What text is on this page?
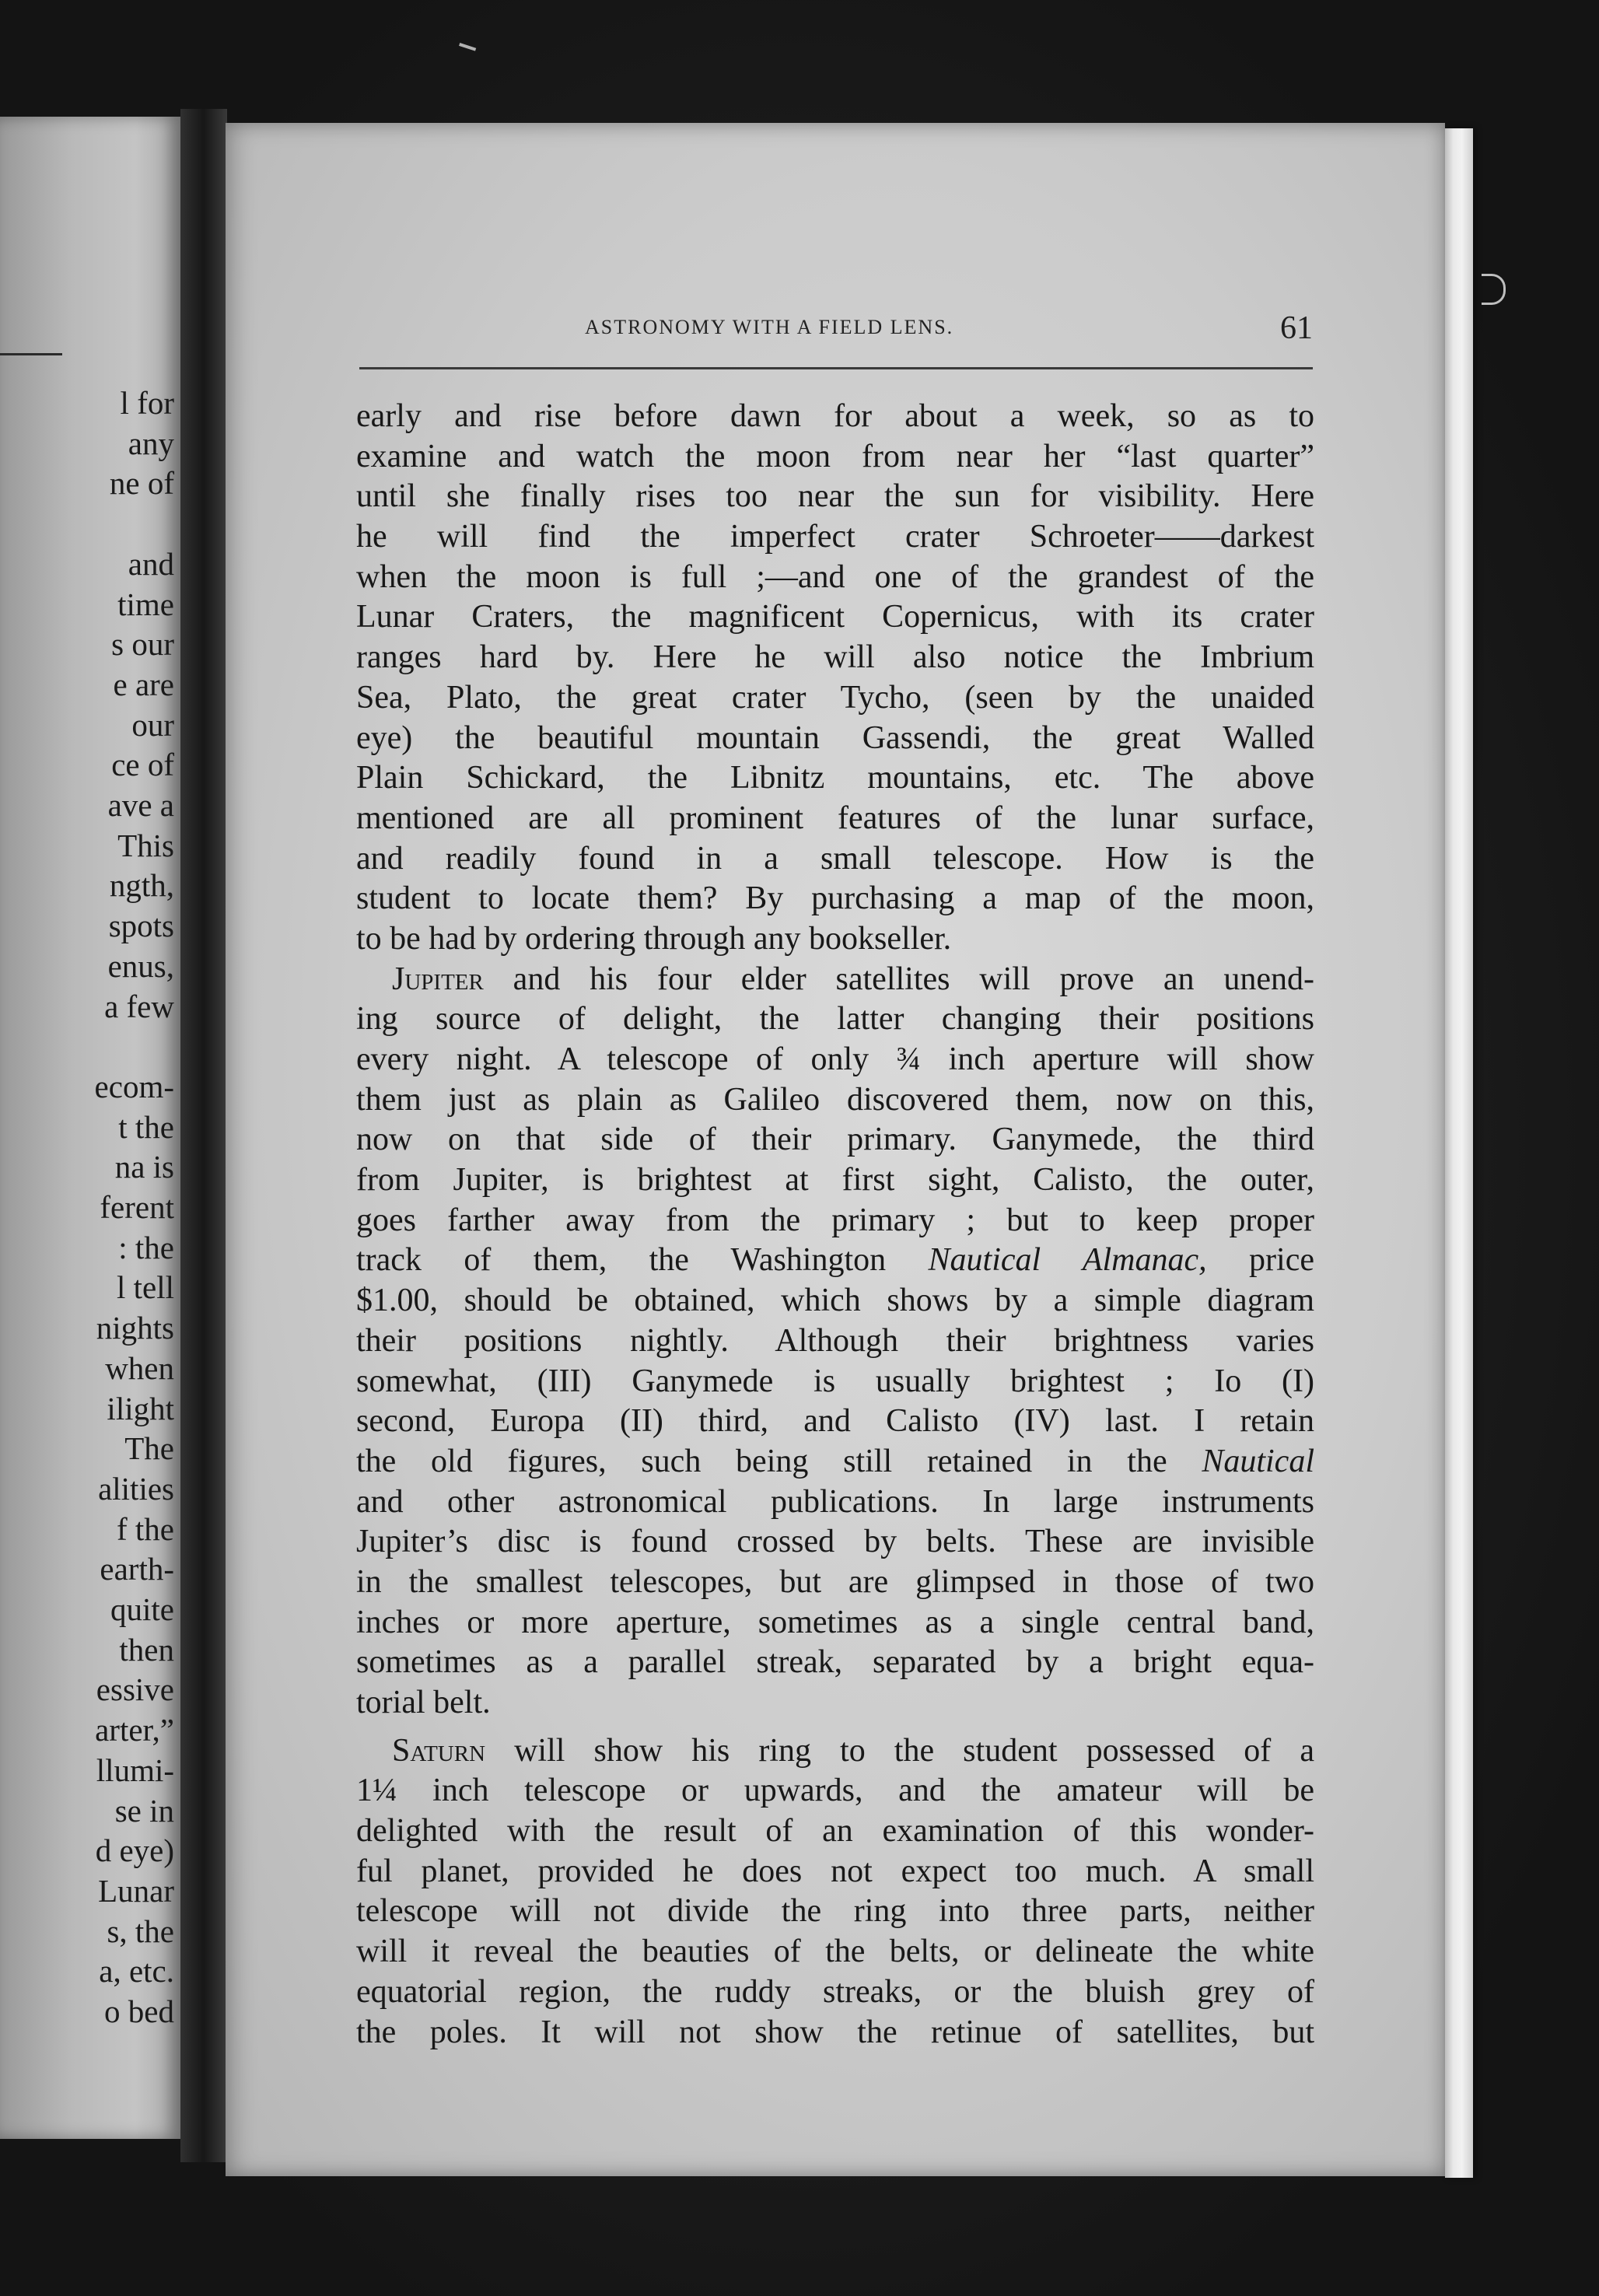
l for
any
ne of
and
time
s our
e are
our
ce of
ave a
This
ngth,
spots
enus,
a few
ecom-
t the
na is
ferent
: the
l tell
nights
when
ilight
The
alities
f the
earth-
quite
then
essive
arter,”
llumi-
se in
d eye)
Lunar
s, the
a, etc.
o bed
ASTRONOMY WITH A FIELD LENS.	61
early and rise before dawn for about a week, so as to
examine and watch the moon from near her “last quarter”
until she finally rises too near the sun for visibility. Here
he will find the imperfect crater Schroeter——darkest
when the moon is full ;—and one of the grandest of the
Lunar Craters, the magnificent Copernicus, with its crater
ranges hard by. Here he will also notice the Imbrium
Sea, Plato, the great crater Tycho, (seen by the unaided
eye) the beautiful mountain Gassendi, the great Walled
Plain Schickard, the Libnitz mountains, etc. The above
mentioned are all prominent features of the lunar surface,
and readily found in a small telescope. How is the
student to locate them? By purchasing a map of the moon,
to be had by ordering through any bookseller.
Jupiter and his four elder satellites will prove an unend-
ing source of delight, the latter changing their positions
every night. A telescope of only ¾ inch aperture will show
them just as plain as Galileo discovered them, now on this,
now on that side of their primary. Ganymede, the third
from Jupiter, is brightest at first sight, Calisto, the outer,
goes farther away from the primary ; but to keep proper
track of them, the Washington Nautical Almanac, price
$1.00, should be obtained, which shows by a simple diagram
their positions nightly. Although their brightness varies
somewhat, (III) Ganymede is usually brightest ; Io (I)
second, Europa (II) third, and Calisto (IV) last. I retain
the old figures, such being still retained in the Nautical
and other astronomical publications. In large instruments
Jupiter’s disc is found crossed by belts. These are invisible
in the smallest telescopes, but are glimpsed in those of two
inches or more aperture, sometimes as a single central band,
sometimes as a parallel streak, separated by a bright equa-
torial belt.
Saturn will show his ring to the student possessed of a
1¼ inch telescope or upwards, and the amateur will be
delighted with the result of an examination of this wonder-
ful planet, provided he does not expect too much. A small
telescope will not divide the ring into three parts, neither
will it reveal the beauties of the belts, or delineate the white
equatorial region, the ruddy streaks, or the bluish grey of
the poles. It will not show the retinue of satellites, but
